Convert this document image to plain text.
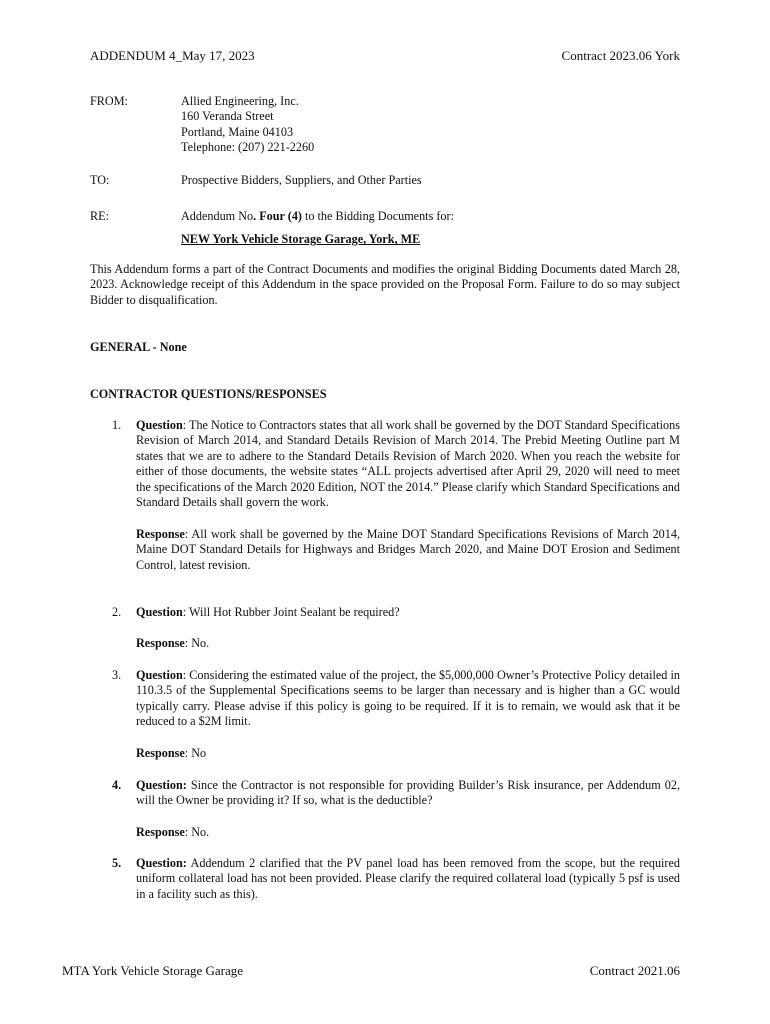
ADDENDUM 4_May 17, 2023	Contract 2023.06 York
FROM:	Allied Engineering, Inc.
160 Veranda Street
Portland, Maine 04103
Telephone: (207) 221-2260
TO:	Prospective Bidders, Suppliers, and Other Parties
RE:	Addendum No. Four (4) to the Bidding Documents for:
NEW York Vehicle Storage Garage, York, ME
This Addendum forms a part of the Contract Documents and modifies the original Bidding Documents dated March 28, 2023. Acknowledge receipt of this Addendum in the space provided on the Proposal Form. Failure to do so may subject Bidder to disqualification.
GENERAL - None
CONTRACTOR QUESTIONS/RESPONSES
1.	Question: The Notice to Contractors states that all work shall be governed by the DOT Standard Specifications Revision of March 2014, and Standard Details Revision of March 2014. The Prebid Meeting Outline part M states that we are to adhere to the Standard Details Revision of March 2020. When you reach the website for either of those documents, the website states “ALL projects advertised after April 29, 2020 will need to meet the specifications of the March 2020 Edition, NOT the 2014.” Please clarify which Standard Specifications and Standard Details shall govern the work.
Response: All work shall be governed by the Maine DOT Standard Specifications Revisions of March 2014, Maine DOT Standard Details for Highways and Bridges March 2020, and Maine DOT Erosion and Sediment Control, latest revision.
2.	Question: Will Hot Rubber Joint Sealant be required?
Response: No.
3.	Question: Considering the estimated value of the project, the $5,000,000 Owner’s Protective Policy detailed in 110.3.5 of the Supplemental Specifications seems to be larger than necessary and is higher than a GC would typically carry. Please advise if this policy is going to be required. If it is to remain, we would ask that it be reduced to a $2M limit.
Response: No
4.	Question: Since the Contractor is not responsible for providing Builder’s Risk insurance, per Addendum 02, will the Owner be providing it? If so, what is the deductible?
Response: No.
5.	Question: Addendum 2 clarified that the PV panel load has been removed from the scope, but the required uniform collateral load has not been provided. Please clarify the required collateral load (typically 5 psf is used in a facility such as this).
MTA York Vehicle Storage Garage	Contract 2021.06
